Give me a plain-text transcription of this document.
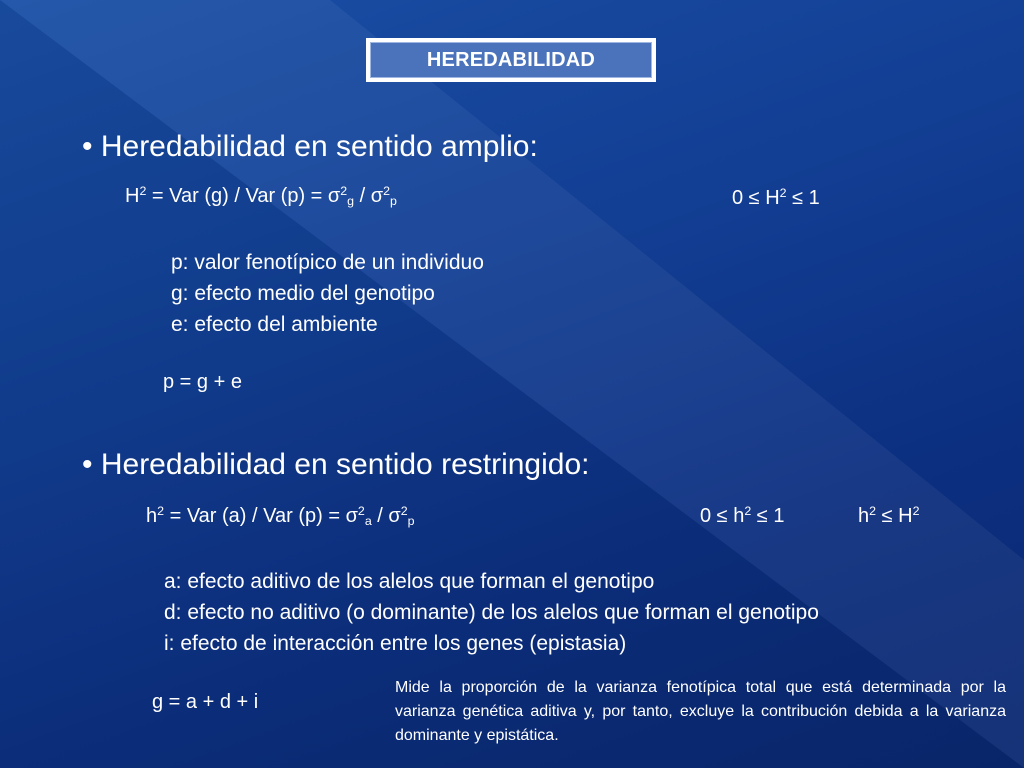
HEREDABILIDAD
• Heredabilidad en sentido amplio:
$H^2$ = Var (g) / Var $(p) = \sigma^2_g / \sigma^2_p$	$0 \le H^2 \le 1$
p: valor fenotípico de un individuo
g: efecto medio del genotipo
e: efecto del ambiente
p = g + e
• Heredabilidad en sentido restringido:
$h^2$ = Var (a) / Var $(p) = \sigma^2_a / \sigma^2_p$	$0 \le h^2 \le 1$	$h^2 \le H^2$
a: efecto aditivo de los alelos que forman el genotipo
d: efecto no aditivo (o dominante) de los alelos que forman el genotipo
i: efecto de interacción entre los genes (epistasia)
g = a + d + i
Mide la proporción de la varianza fenotípica total que está determinada por la varianza genética aditiva y, por tanto, excluye la contribución debida a la varianza dominante y epistática.
